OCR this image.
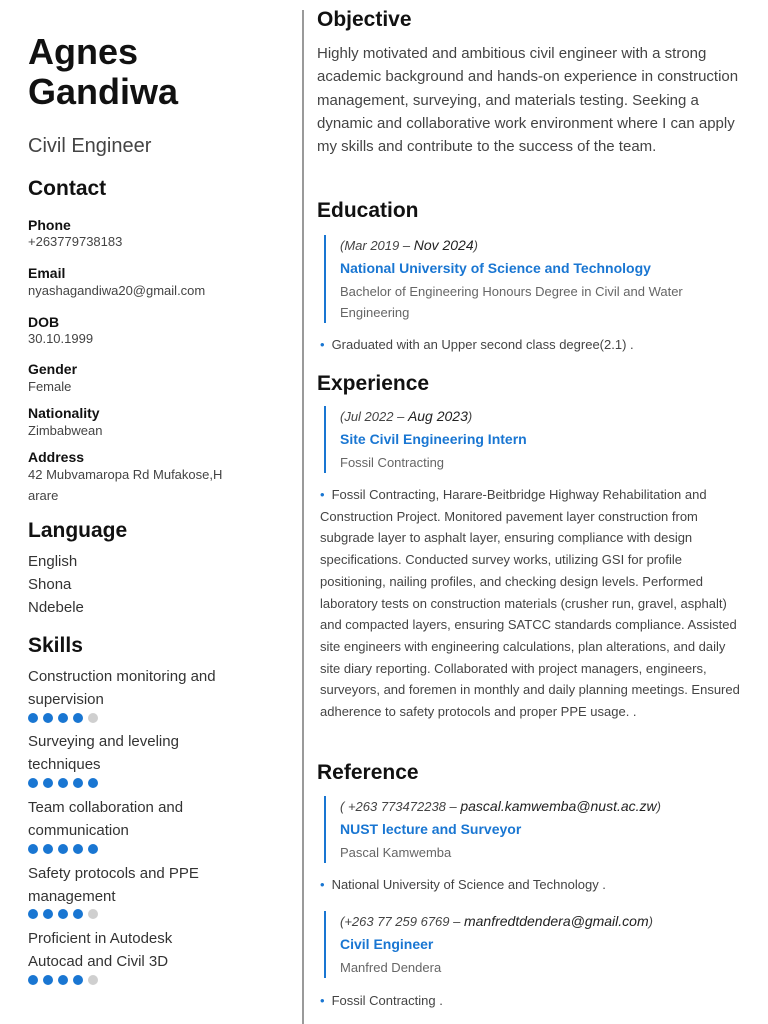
Agnes
Gandiwa
Civil Engineer
Contact
Phone
+263779738183
Email
nyashagandiwa20@gmail.com
DOB
30.10.1999
Gender
Female
Nationality
Zimbabwean
Address
42 Mubvamaropa Rd Mufakose,Harare
Language
English
Shona
Ndebele
Skills
Construction monitoring and supervision
Surveying and leveling techniques
Team collaboration and communication
Safety protocols and PPE management
Proficient in Autodesk Autocad and Civil 3D
Objective
Highly motivated and ambitious civil engineer with a strong academic background and hands-on experience in construction management, surveying, and materials testing. Seeking a dynamic and collaborative work environment where I can apply my skills and contribute to the success of the team.
Education
(Mar 2019 – Nov 2024)
National University of Science and Technology
Bachelor of Engineering Honours Degree in Civil and Water Engineering
• Graduated with an Upper second class degree(2.1) .
Experience
(Jul 2022 – Aug 2023)
Site Civil Engineering Intern
Fossil Contracting
• Fossil Contracting, Harare-Beitbridge Highway Rehabilitation and Construction Project. Monitored pavement layer construction from subgrade layer to asphalt layer, ensuring compliance with design specifications. Conducted survey works, utilizing GSI for profile positioning, nailing profiles, and checking design levels. Performed laboratory tests on construction materials (crusher run, gravel, asphalt) and compacted layers, ensuring SATCC standards compliance. Assisted site engineers with engineering calculations, plan alterations, and daily site diary reporting. Collaborated with project managers, engineers, surveyors, and foremen in monthly and daily planning meetings. Ensured adherence to safety protocols and proper PPE usage. .
Reference
( +263 773472238 – pascal.kamwemba@nust.ac.zw)
NUST lecture and Surveyor
Pascal Kamwemba
• National University of Science and Technology .
(+263 77 259 6769 – manfredtdendera@gmail.com)
Civil Engineer
Manfred Dendera
• Fossil Contracting .
